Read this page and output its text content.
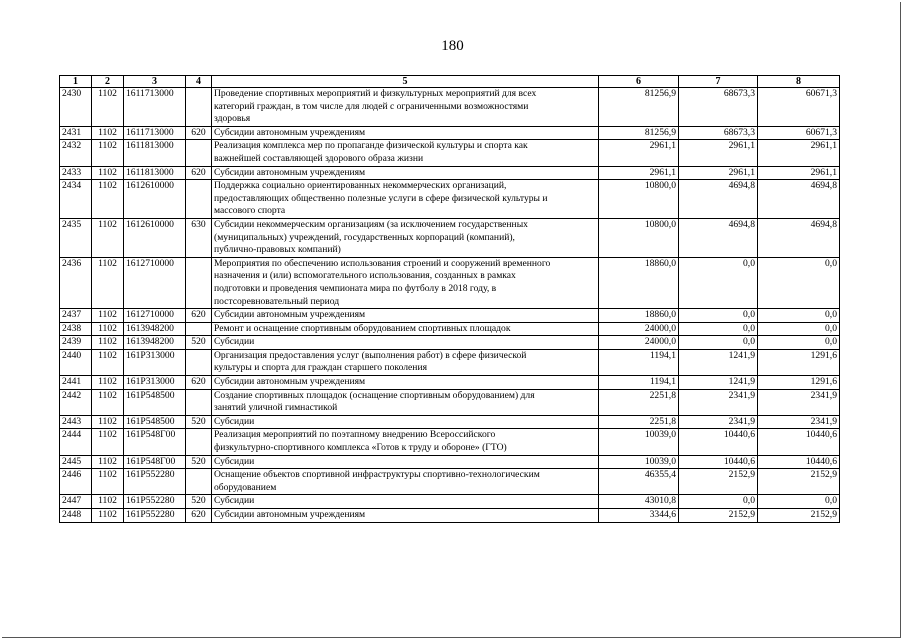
180
1	2	3	4	5	6	7	8
2430	1102	1611713000		Проведение спортивных мероприятий и физкультурных мероприятий для всех
категорий граждан, в том числе для людей с ограниченными возможностями
здоровья	81256,9	68673,3	60671,3
2431	1102	1611713000	620	Субсидии автономным учреждениям	81256,9	68673,3	60671,3
2432	1102	1611813000		Реализация комплекса мер по пропаганде физической культуры и спорта как
важнейшей составляющей здорового образа жизни	2961,1	2961,1	2961,1
2433	1102	1611813000	620	Субсидии автономным учреждениям	2961,1	2961,1	2961,1
2434	1102	1612610000		Поддержка социально ориентированных некоммерческих организаций,
предоставляющих общественно полезные услуги в сфере физической культуры и
массового спорта	10800,0	4694,8	4694,8
2435	1102	1612610000	630	Субсидии некоммерческим организациям (за исключением государственных
(муниципальных) учреждений, государственных корпораций (компаний),
публично-правовых компаний)	10800,0	4694,8	4694,8
2436	1102	1612710000		Мероприятия по обеспечению использования строений и сооружений временного
назначения и (или) вспомогательного использования, созданных в рамках
подготовки и проведения чемпионата мира по футболу в 2018 году, в
постсоревновательный период	18860,0	0,0	0,0
2437	1102	1612710000	620	Субсидии автономным учреждениям	18860,0	0,0	0,0
2438	1102	1613948200		Ремонт и оснащение спортивным оборудованием спортивных площадок	24000,0	0,0	0,0
2439	1102	1613948200	520	Субсидии	24000,0	0,0	0,0
2440	1102	161P313000		Организация предоставления услуг (выполнения работ) в сфере физической
культуры и спорта для граждан старшего поколения	1194,1	1241,9	1291,6
2441	1102	161P313000	620	Субсидии автономным учреждениям	1194,1	1241,9	1291,6
2442	1102	161P548500		Создание спортивных площадок (оснащение спортивным оборудованием) для
занятий уличной гимнастикой	2251,8	2341,9	2341,9
2443	1102	161P548500	520	Субсидии	2251,8	2341,9	2341,9
2444	1102	161P548Г00		Реализация мероприятий по поэтапному внедрению Всероссийского
физкультурно-спортивного комплекса «Готов к труду и обороне» (ГТО)	10039,0	10440,6	10440,6
2445	1102	161P548Г00	520	Субсидии	10039,0	10440,6	10440,6
2446	1102	161P552280		Оснащение объектов спортивной инфраструктуры спортивно-технологическим
оборудованием	46355,4	2152,9	2152,9
2447	1102	161P552280	520	Субсидии	43010,8	0,0	0,0
2448	1102	161P552280	620	Субсидии автономным учреждениям	3344,6	2152,9	2152,9
